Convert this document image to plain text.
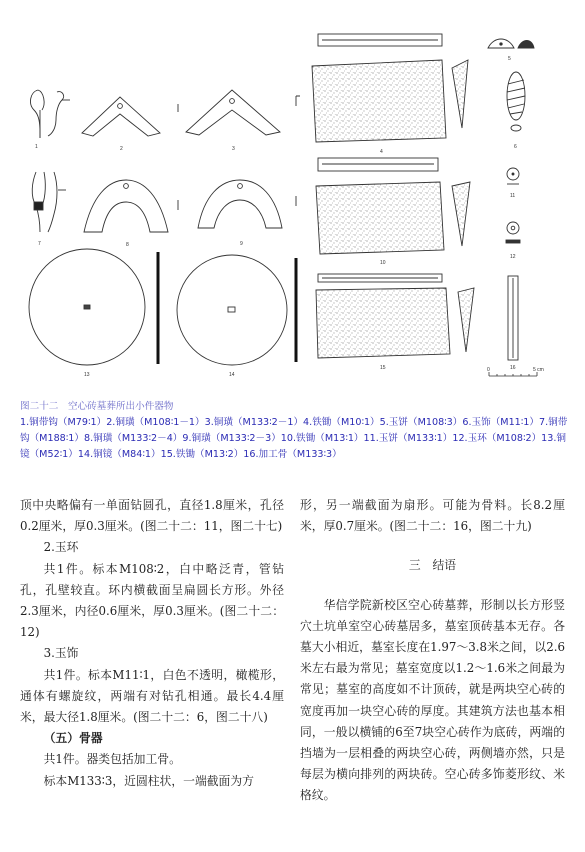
1	2	3
7	8	9
13	14
4
5
6
10
11
12
15	16
0	5 cm
图二十二　空心砖墓葬所出小件器物
1.铜带钩（M79∶1）2.铜璜（M108∶1－1）3.铜璜（M133∶2－1）4.铁锄（M10∶1）5.玉饼（M108∶3）6.玉饰（M11∶1）7.铜带钩（M188∶1）8.铜璜（M133∶2－4）9.铜璜（M133∶2－3）10.铁锄（M13∶1）11.玉饼（M133∶1）12.玉环（M108∶2）13.铜镜（M52∶1）14.铜镜（M84∶1）15.铁锄（M13∶2）16.加工骨（M133∶3）

顶中央略偏有一单面钻圆孔，直径1.8厘米，孔径0.2厘米，厚0.3厘米。(图二十二：11，图二十七)

2.玉环

共1件。标本M108∶2，白中略泛青，管钻孔，孔壁较直。环内横截面呈扁圆长方形。外径2.3厘米，内径0.6厘米，厚0.3厘米。(图二十二：12)

3.玉饰

共1件。标本M11∶1，白色不透明，橄榄形，通体有螺旋纹，两端有对钻孔相通。最长4.4厘米，最大径1.8厘米。(图二十二：6，图二十八)

（五）骨器

共1件。器类包括加工骨。

标本M133∶3，近圆柱状，一端截面为方

形，另一端截面为扇形。可能为骨料。长8.2厘米，厚0.7厘米。(图二十二：16，图二十九)

三　结语

华信学院新校区空心砖墓葬，形制以长方形竖穴土坑单室空心砖墓居多，墓室顶砖基本无存。各墓大小相近，墓室长度在1.97～3.8米之间，以2.6米左右最为常见；墓室宽度以1.2～1.6米之间最为常见；墓室的高度如不计顶砖，就是两块空心砖的宽度再加一块空心砖的厚度。其建筑方法也基本相同，一般以横铺的6至7块空心砖作为底砖，两端的挡墙为一层相叠的两块空心砖，两侧墙亦然，只是每层为横向排列的两块砖。空心砖多饰菱形纹、米格纹。
